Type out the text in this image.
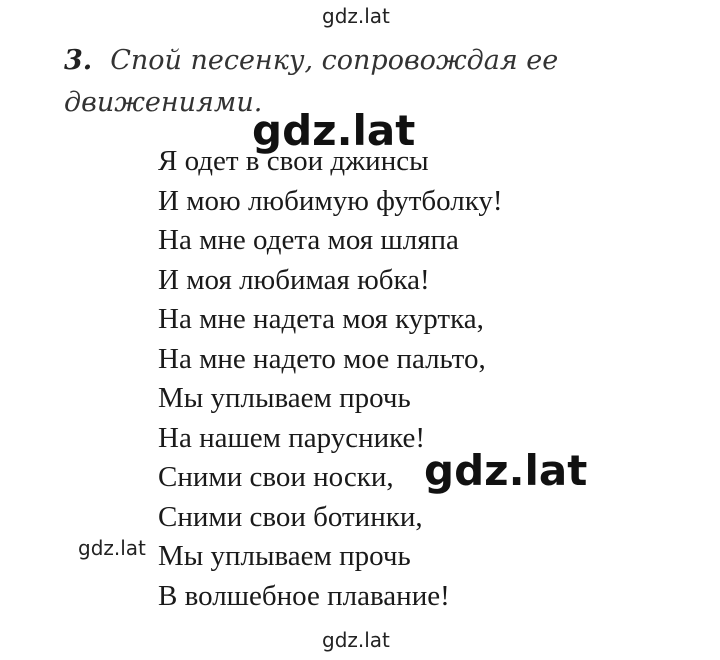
3. Спой песенку, сопровождая ее
движениями.
Я одет в свои джинсы
И мою любимую футболку!
На мне одета моя шляпа
И моя любимая юбка!
На мне надета моя куртка,
На мне надето мое пальто,
Мы уплываем прочь
На нашем паруснике!
Сними свои носки,
Сними свои ботинки,
Мы уплываем прочь
В волшебное плавание!
gdz.lat
gdz.lat
gdz.lat
gdz.lat
gdz.lat
